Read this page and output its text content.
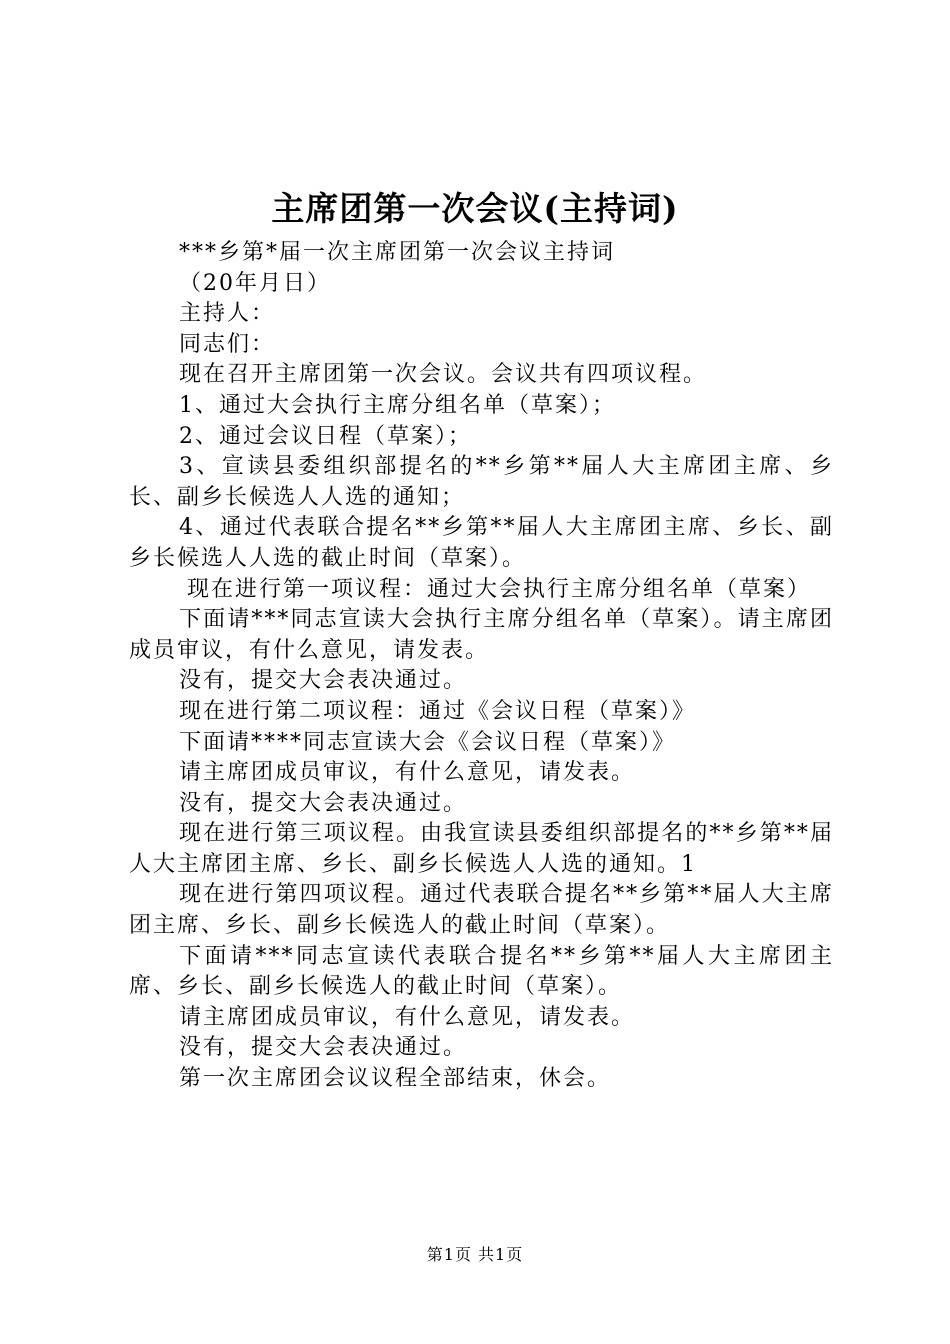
主席团第一次会议(主持词)

***乡第*届一次主席团第一次会议主持词

（20年月日）

主持人：

同志们：

现在召开主席团第一次会议。会议共有四项议程。

1、通过大会执行主席分组名单（草案）；

2、通过会议日程（草案）；

3、宣读县委组织部提名的**乡第**届人大主席团主席、乡长、副乡长候选人人选的通知；

4、通过代表联合提名**乡第**届人大主席团主席、乡长、副乡长候选人人选的截止时间（草案）。

现在进行第一项议程：通过大会执行主席分组名单（草案）

下面请***同志宣读大会执行主席分组名单（草案）。请主席团成员审议，有什么意见，请发表。

没有，提交大会表决通过。

现在进行第二项议程：通过《会议日程（草案）》

下面请****同志宣读大会《会议日程（草案）》

请主席团成员审议，有什么意见，请发表。

没有，提交大会表决通过。

现在进行第三项议程。由我宣读县委组织部提名的**乡第**届人大主席团主席、乡长、副乡长候选人人选的通知。1

现在进行第四项议程。通过代表联合提名**乡第**届人大主席团主席、乡长、副乡长候选人的截止时间（草案）。

下面请***同志宣读代表联合提名**乡第**届人大主席团主席、乡长、副乡长候选人的截止时间（草案）。

请主席团成员审议，有什么意见，请发表。

没有，提交大会表决通过。

第一次主席团会议议程全部结束，休会。

第1页 共1页
